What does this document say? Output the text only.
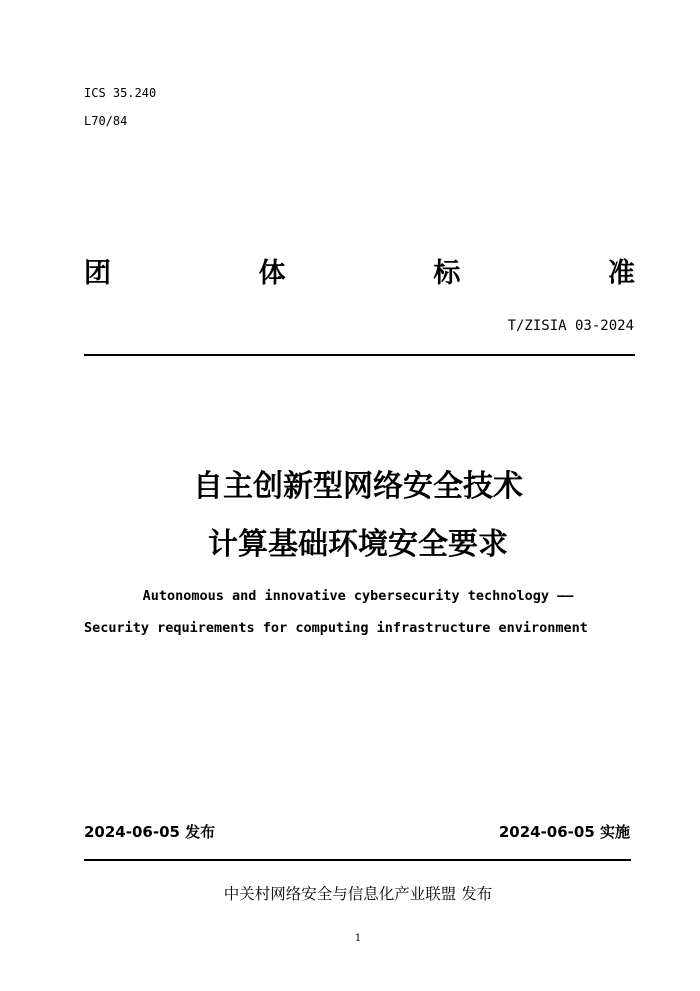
ICS 35.240
L70/84
团	体	标	准
T/ZISIA 03-2024
自主创新型网络安全技术
计算基础环境安全要求
Autonomous and innovative cybersecurity technology ——
Security requirements for computing infrastructure environment
2024-06-05 发布	2024-06-05 实施
中关村网络安全与信息化产业联盟 发布
1
